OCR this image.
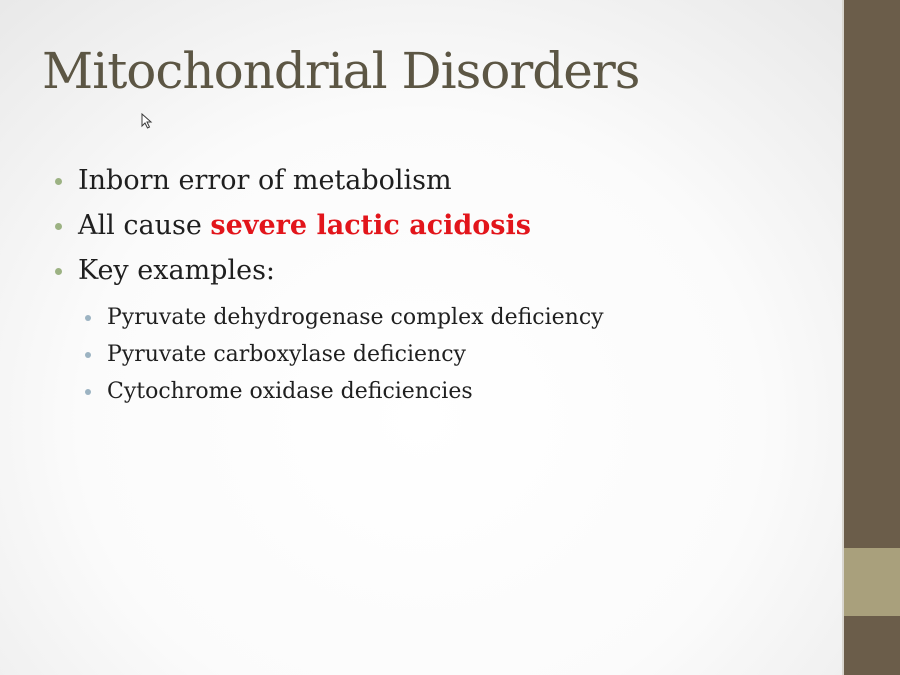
Mitochondrial Disorders
Inborn error of metabolism
All cause severe lactic acidosis
Key examples:
Pyruvate dehydrogenase complex deficiency
Pyruvate carboxylase deficiency
Cytochrome oxidase deficiencies
